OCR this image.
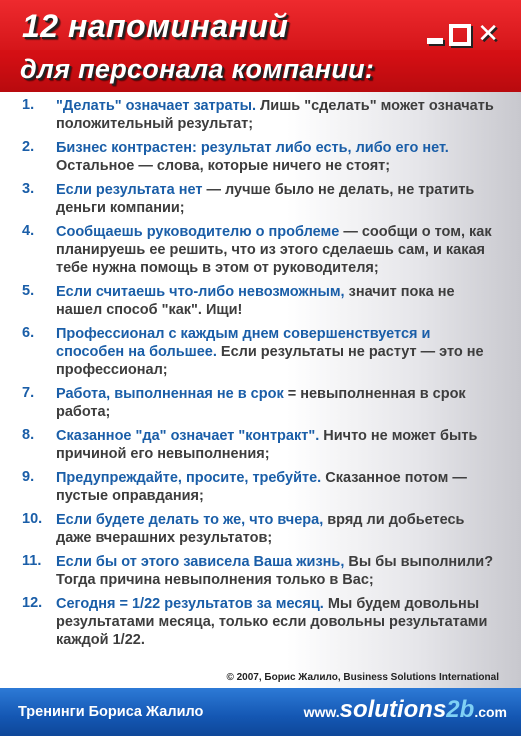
12 напоминаний
для персонала компании:
✕
1. "Делать" означает затраты. Лишь "сделать" может означать положительный результат;
2. Бизнес контрастен: результат либо есть, либо его нет. Остальное — слова, которые ничего не стоят;
3. Если результата нет — лучше было не делать, не тратить деньги компании;
4. Сообщаешь руководителю о проблеме — сообщи о том, как планируешь ее решить, что из этого сделаешь сам, и какая тебе нужна помощь в этом от руководителя;
5. Если считаешь что-либо невозможным, значит пока не нашел способ "как". Ищи!
6. Профессионал с каждым днем совершенствуется и способен на большее. Если результаты не растут — это не профессионал;
7. Работа, выполненная не в срок = невыполненная в срок работа;
8. Сказанное "да" означает "контракт". Ничто не может быть причиной его невыполнения;
9. Предупреждайте, просите, требуйте. Сказанное потом — пустые оправдания;
10. Если будете делать то же, что вчера, вряд ли добьетесь даже вчерашних результатов;
11. Если бы от этого зависела Ваша жизнь, Вы бы выполнили? Тогда причина невыполнения только в Вас;
12. Сегодня = 1/22 результатов за месяц. Мы будем довольны результатами месяца, только если довольны результатами каждой 1/22.
© 2007, Борис Жалило, Business Solutions International
Тренинги Бориса Жалило	www.solutions2b.com
